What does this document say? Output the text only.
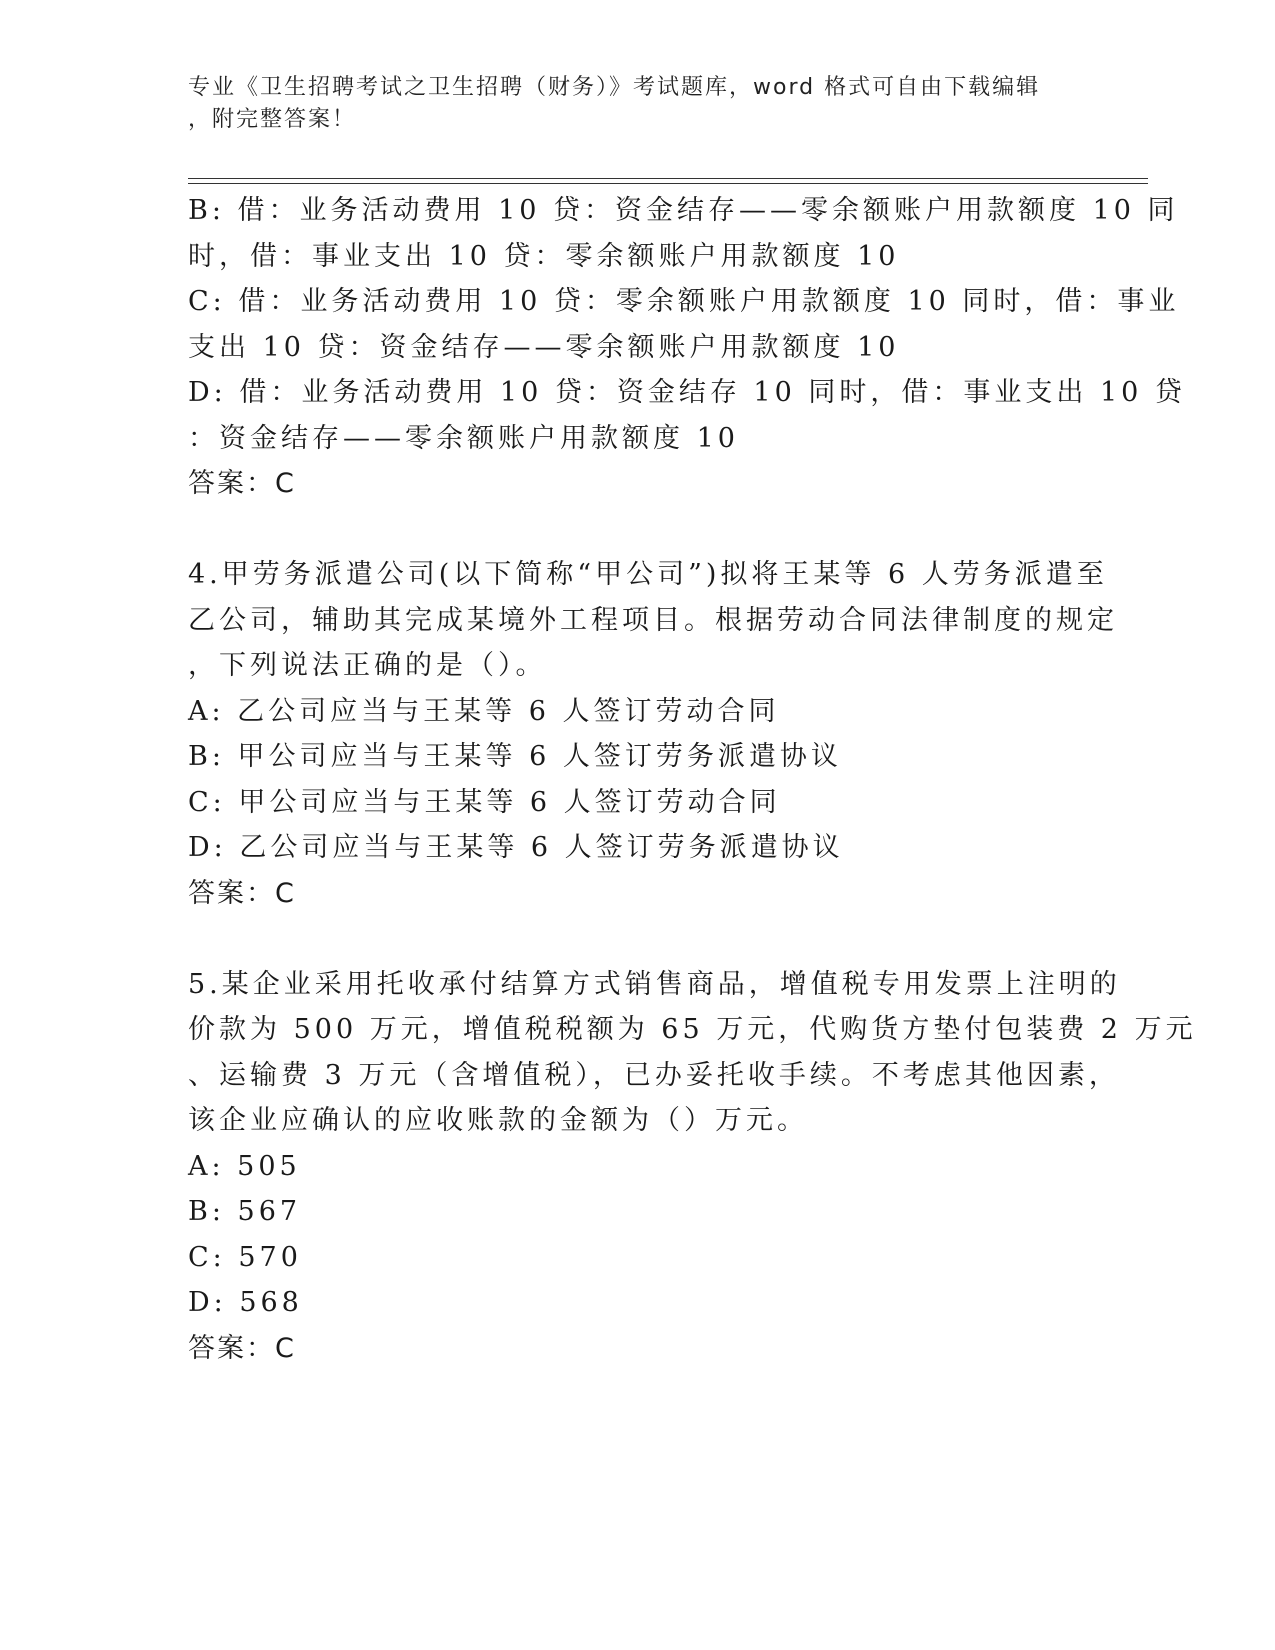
专业《卫生招聘考试之卫生招聘（财务）》考试题库，word 格式可自由下载编辑
，附完整答案！
B: 借：业务活动费用 10 贷：资金结存——零余额账户用款额度 10 同
时，借：事业支出 10 贷：零余额账户用款额度 10
C: 借：业务活动费用 10 贷：零余额账户用款额度 10 同时，借：事业
支出 10 贷：资金结存——零余额账户用款额度 10
D: 借：业务活动费用 10 贷：资金结存 10 同时，借：事业支出 10 贷
：资金结存——零余额账户用款额度 10
答案：C
4.甲劳务派遣公司(以下简称“甲公司”)拟将王某等 6 人劳务派遣至
乙公司，辅助其完成某境外工程项目。根据劳动合同法律制度的规定
，下列说法正确的是（）。
A: 乙公司应当与王某等 6 人签订劳动合同
B: 甲公司应当与王某等 6 人签订劳务派遣协议
C: 甲公司应当与王某等 6 人签订劳动合同
D: 乙公司应当与王某等 6 人签订劳务派遣协议
答案：C
5.某企业采用托收承付结算方式销售商品，增值税专用发票上注明的
价款为 500 万元，增值税税额为 65 万元，代购货方垫付包装费 2 万元
、运输费 3 万元（含增值税），已办妥托收手续。不考虑其他因素，
该企业应确认的应收账款的金额为（）万元。
A: 505
B: 567
C: 570
D: 568
答案：C
